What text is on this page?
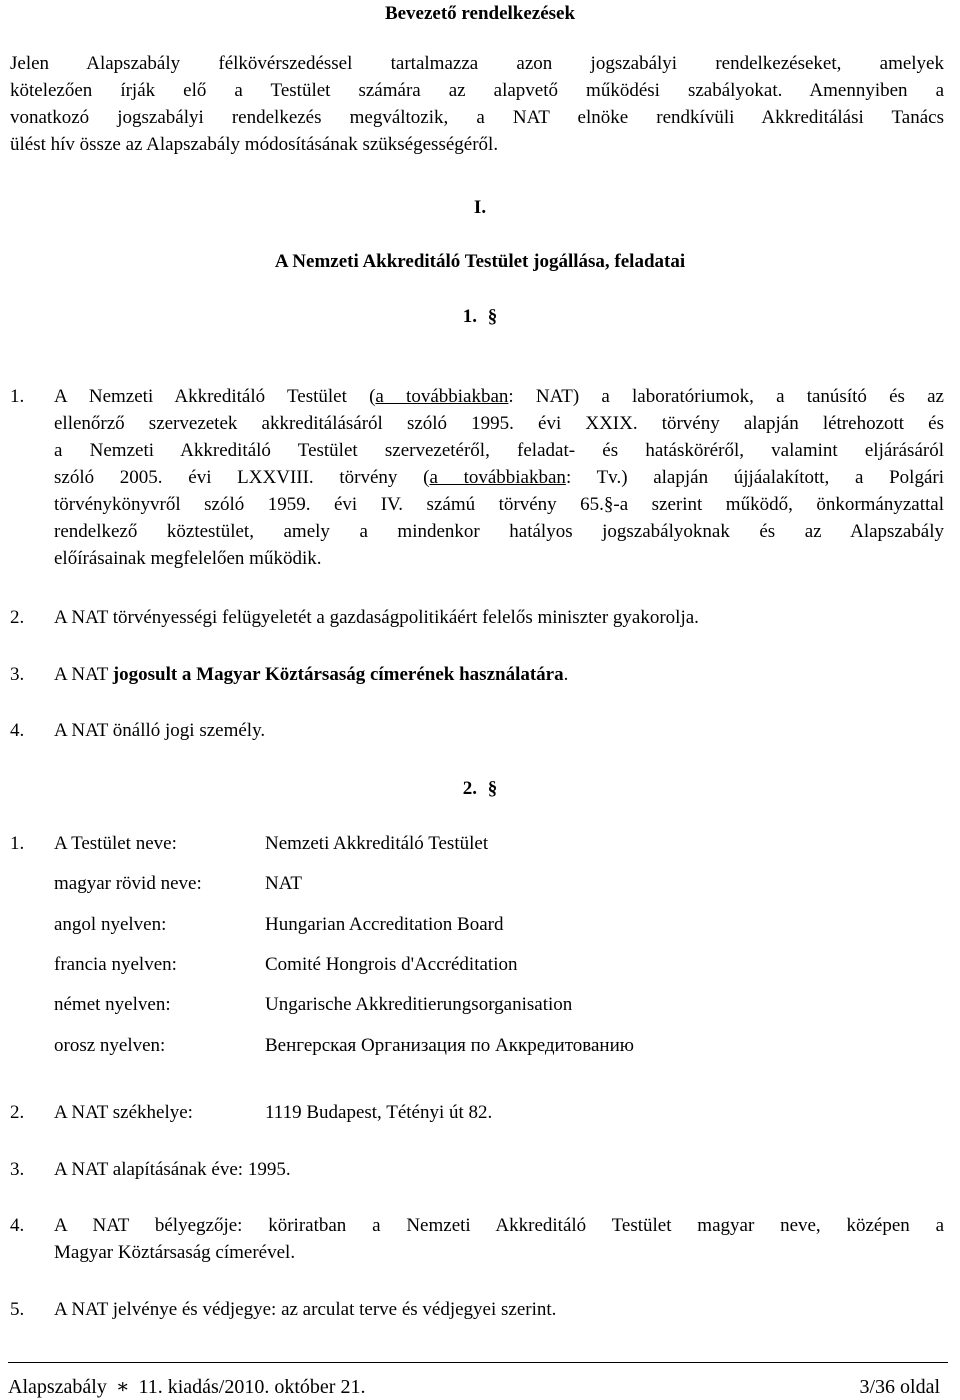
Bevezető rendelkezések
Jelen Alapszabály félkövérszedéssel tartalmazza azon jogszabályi rendelkezéseket, amelyek
kötelezően írják elő a Testület számára az alapvető működési szabályokat. Amennyiben a
vonatkozó jogszabályi rendelkezés megváltozik, a NAT elnöke rendkívüli Akkreditálási Tanács
ülést hív össze az Alapszabály módosításának szükségességéről.
I.
A Nemzeti Akkreditáló Testület jogállása, feladatai
1. §
1. A Nemzeti Akkreditáló Testület (a továbbiakban: NAT) a laboratóriumok, a tanúsító és az
ellenőrző szervezetek akkreditálásáról szóló 1995. évi XXIX. törvény alapján létrehozott és
a Nemzeti Akkreditáló Testület szervezetéről, feladat- és hatásköréről, valamint eljárásáról
szóló 2005. évi LXXVIII. törvény (a továbbiakban: Tv.) alapján újjáalakított, a Polgári
törvénykönyvről szóló 1959. évi IV. számú törvény 65.§-a szerint működő, önkormányzattal
rendelkező köztestület, amely a mindenkor hatályos jogszabályoknak és az Alapszabály
előírásainak megfelelően működik.
2. A NAT törvényességi felügyeletét a gazdaságpolitikáért felelős miniszter gyakorolja.
3. A NAT jogosult a Magyar Köztársaság címerének használatára.
4. A NAT önálló jogi személy.
2. §
1. A Testület neve:	Nemzeti Akkreditáló Testület
magyar rövid neve:	NAT
angol nyelven:	Hungarian Accreditation Board
francia nyelven:	Comité Hongrois d'Accréditation
német nyelven:	Ungarische Akkreditierungsorganisation
orosz nyelven:	Венгерская Организация по Аккредитованию
2. A NAT székhelye:	1119 Budapest, Tétényi út 82.
3. A NAT alapításának éve: 1995.
4. A NAT bélyegzője: köriratban a Nemzeti Akkreditáló Testület magyar neve, középen a
Magyar Köztársaság címerével.
5. A NAT jelvénye és védjegye: az arculat terve és védjegyei szerint.
Alapszabály ∗ 11. kiadás/2010. október 21.	3/36 oldal
